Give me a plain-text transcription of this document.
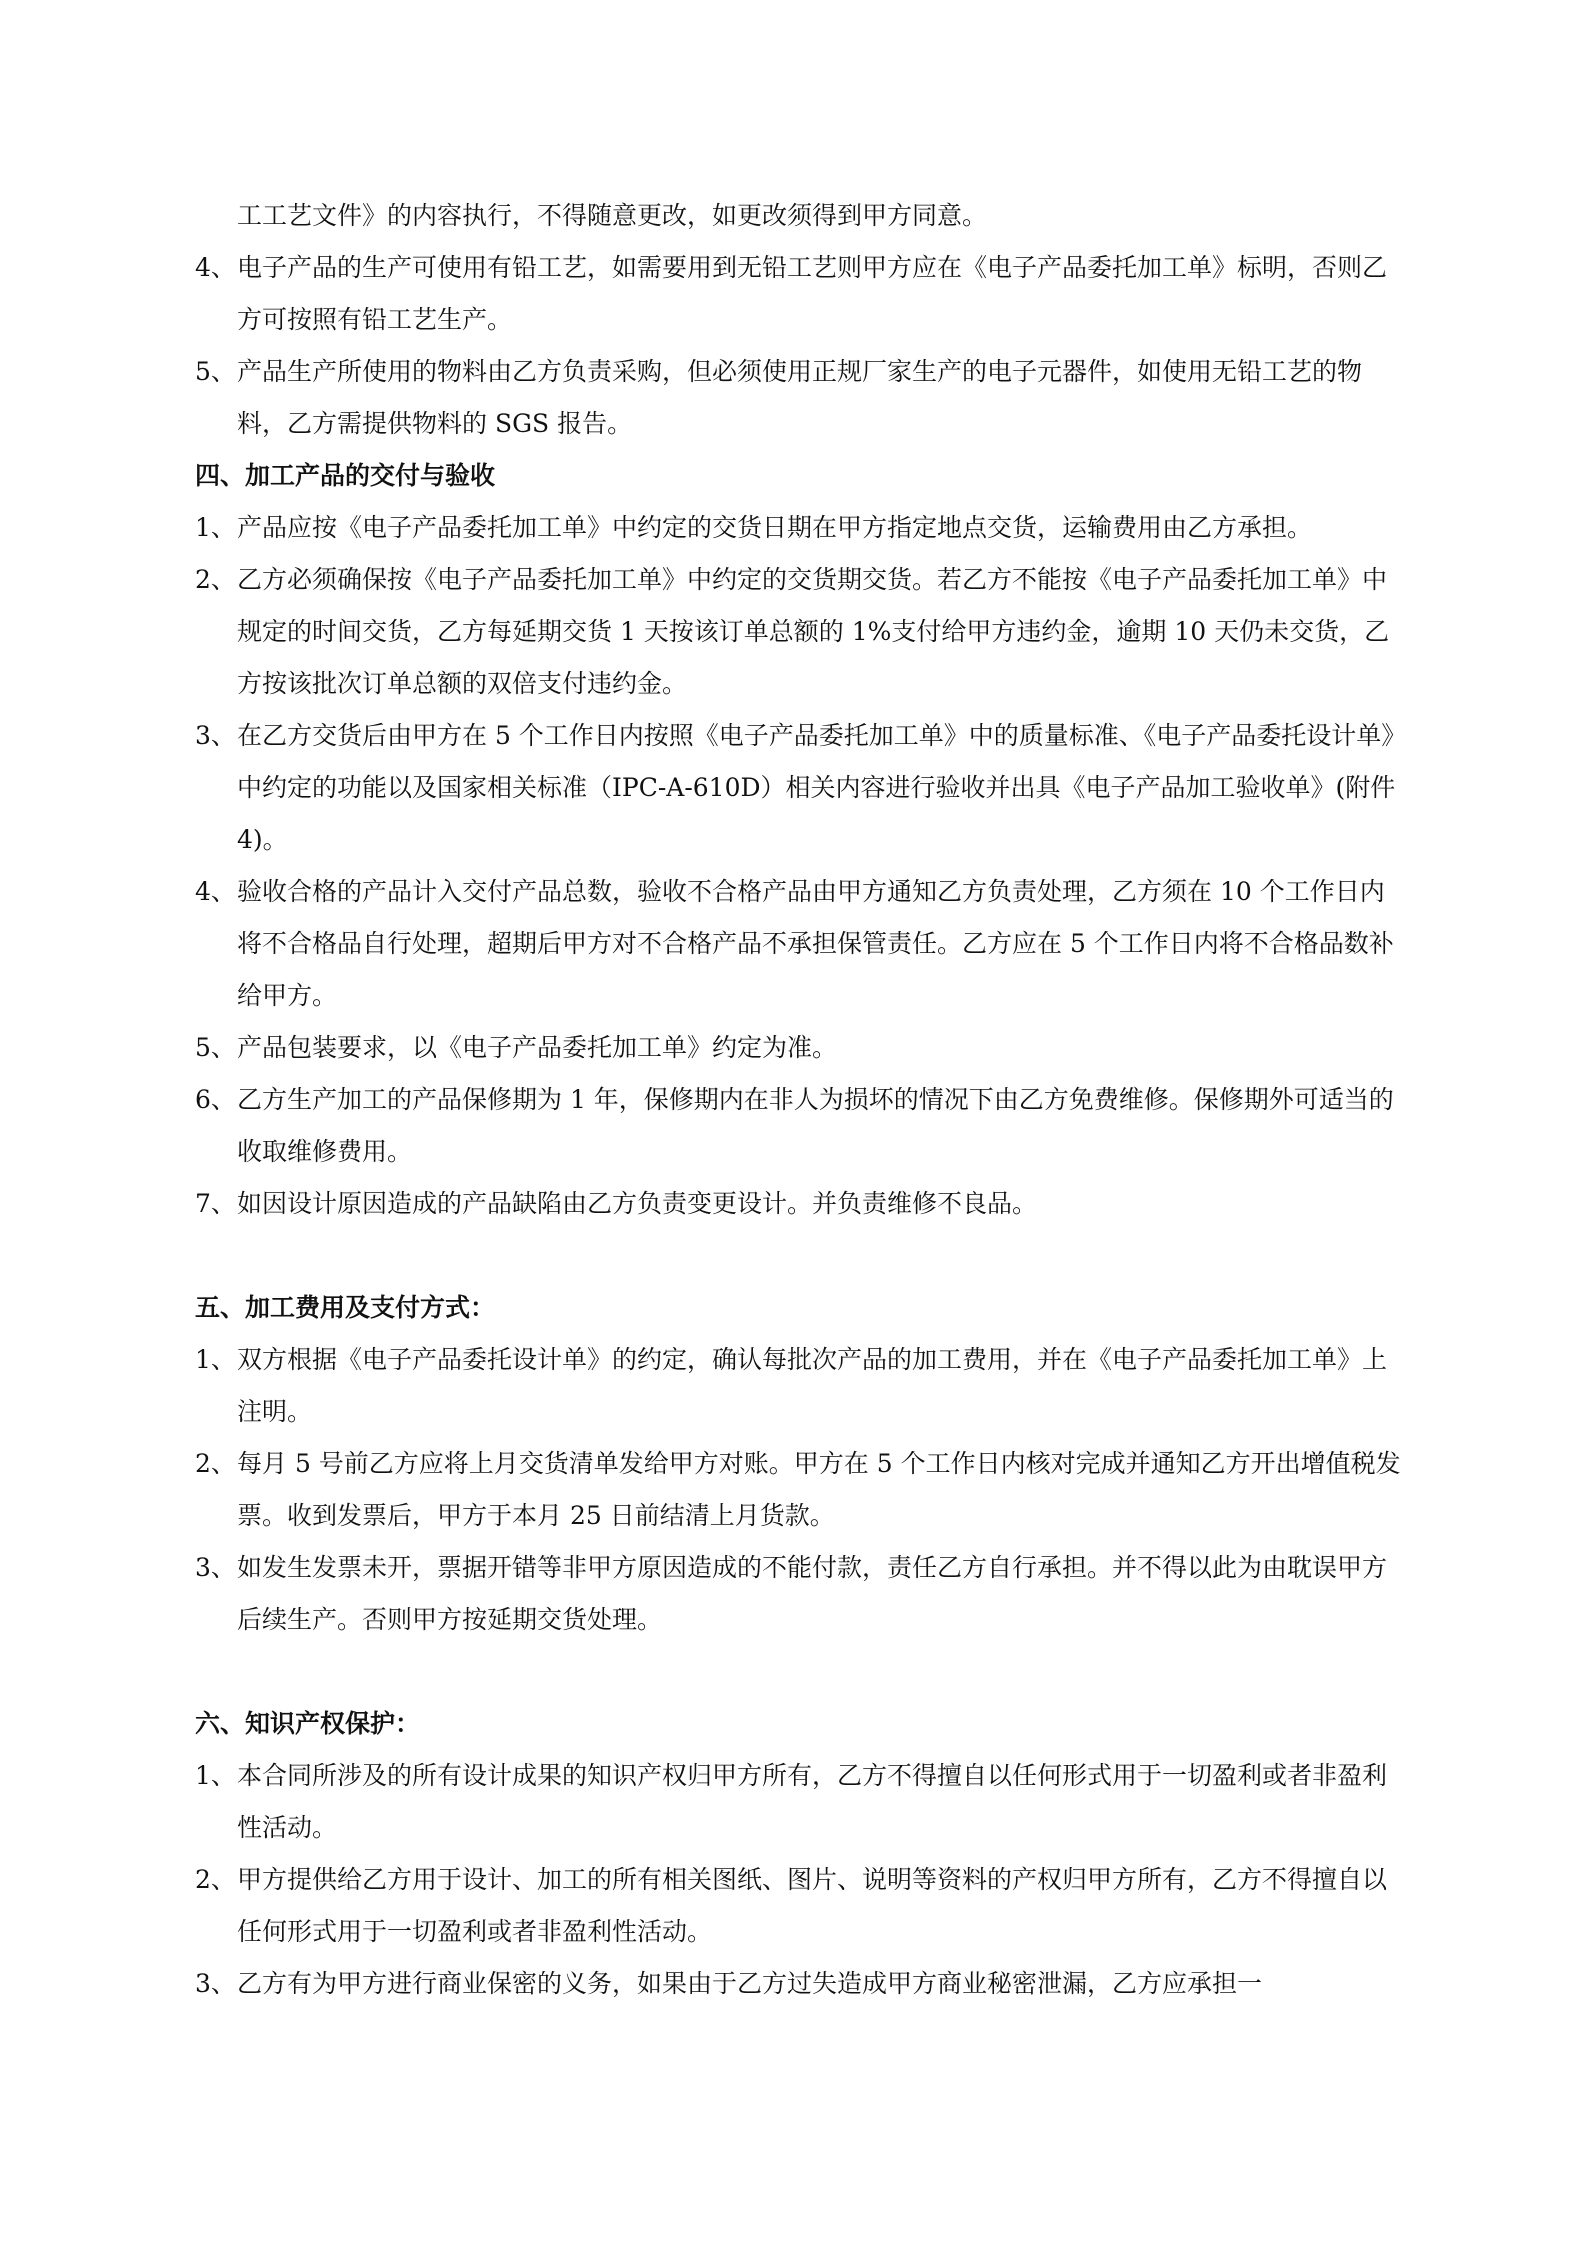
工工艺文件》的内容执行，不得随意更改，如更改须得到甲方同意。
4、 电子产品的生产可使用有铅工艺，如需要用到无铅工艺则甲方应在《电子产品委托加工单》标明，否则乙方可按照有铅工艺生产。
5、 产品生产所使用的物料由乙方负责采购，但必须使用正规厂家生产的电子元器件，如使用无铅工艺的物料，乙方需提供物料的 SGS 报告。
四、加工产品的交付与验收
1、 产品应按《电子产品委托加工单》中约定的交货日期在甲方指定地点交货，运输费用由乙方承担。
2、 乙方必须确保按《电子产品委托加工单》中约定的交货期交货。若乙方不能按《电子产品委托加工单》中规定的时间交货，乙方每延期交货 1 天按该订单总额的 1%支付给甲方违约金，逾期 10 天仍未交货，乙方按该批次订单总额的双倍支付违约金。
3、 在乙方交货后由甲方在 5 个工作日内按照《电子产品委托加工单》中的质量标准、《电子产品委托设计单》中约定的功能以及国家相关标准（IPC-A-610D）相关内容进行验收并出具《电子产品加工验收单》(附件 4)。
4、 验收合格的产品计入交付产品总数，验收不合格产品由甲方通知乙方负责处理，乙方须在 10 个工作日内将不合格品自行处理，超期后甲方对不合格产品不承担保管责任。乙方应在 5 个工作日内将不合格品数补给甲方。
5、 产品包装要求，以《电子产品委托加工单》约定为准。
6、 乙方生产加工的产品保修期为 1 年，保修期内在非人为损坏的情况下由乙方免费维修。保修期外可适当的收取维修费用。
7、 如因设计原因造成的产品缺陷由乙方负责变更设计。并负责维修不良品。
五、加工费用及支付方式：
1、 双方根据《电子产品委托设计单》的约定，确认每批次产品的加工费用，并在《电子产品委托加工单》上注明。
2、 每月 5 号前乙方应将上月交货清单发给甲方对账。甲方在 5 个工作日内核对完成并通知乙方开出增值税发票。收到发票后，甲方于本月 25 日前结清上月货款。
3、 如发生发票未开，票据开错等非甲方原因造成的不能付款，责任乙方自行承担。并不得以此为由耽误甲方后续生产。否则甲方按延期交货处理。
六、知识产权保护：
1、 本合同所涉及的所有设计成果的知识产权归甲方所有，乙方不得擅自以任何形式用于一切盈利或者非盈利性活动。
2、 甲方提供给乙方用于设计、加工的所有相关图纸、图片、说明等资料的产权归甲方所有，乙方不得擅自以任何形式用于一切盈利或者非盈利性活动。
3、 乙方有为甲方进行商业保密的义务，如果由于乙方过失造成甲方商业秘密泄漏，乙方应承担一
